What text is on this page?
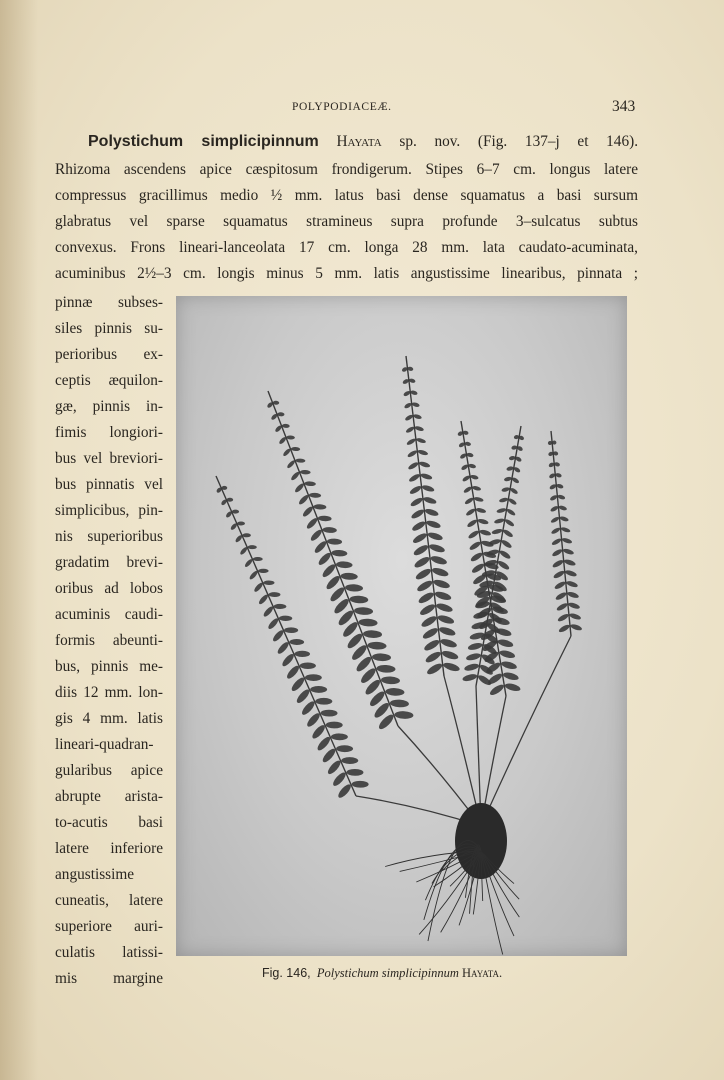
POLYPODIACEÆ.	343
Polystichum simplicipinnum Hayata sp. nov. (Fig. 137–j et 146).
Rhizoma ascendens apice cæspitosum frondigerum. Stipes 6–7 cm. longus latere
compressus gracillimus medio ½ mm. latus basi dense squamatus a basi sursum
glabratus vel sparse squamatus stramineus supra profunde 3–sulcatus subtus
convexus. Frons lineari-lanceolata 17 cm. longa 28 mm. lata caudato-acuminata,
acuminibus 2½–3 cm. longis minus 5 mm. latis angustissime linearibus, pinnata ;
pinnæ subses-
siles pinnis su-
perioribus ex-
ceptis æquilon-
gæ, pinnis in-
fimis longiori-
bus vel breviori-
bus pinnatis vel
simplicibus, pin-
nis superioribus
gradatim brevi-
oribus ad lobos
acuminis caudi-
formis abeunti-
bus, pinnis me-
diis 12 mm. lon-
gis 4 mm. latis
lineari-quadran-
gularibus apice
abrupte arista-
to-acutis basi
latere inferiore
angustissime
cuneatis, latere
superiore auri-
culatis latissi-
mis margine	Fig. 146, Polystichum simplicipinnum Hayata.
